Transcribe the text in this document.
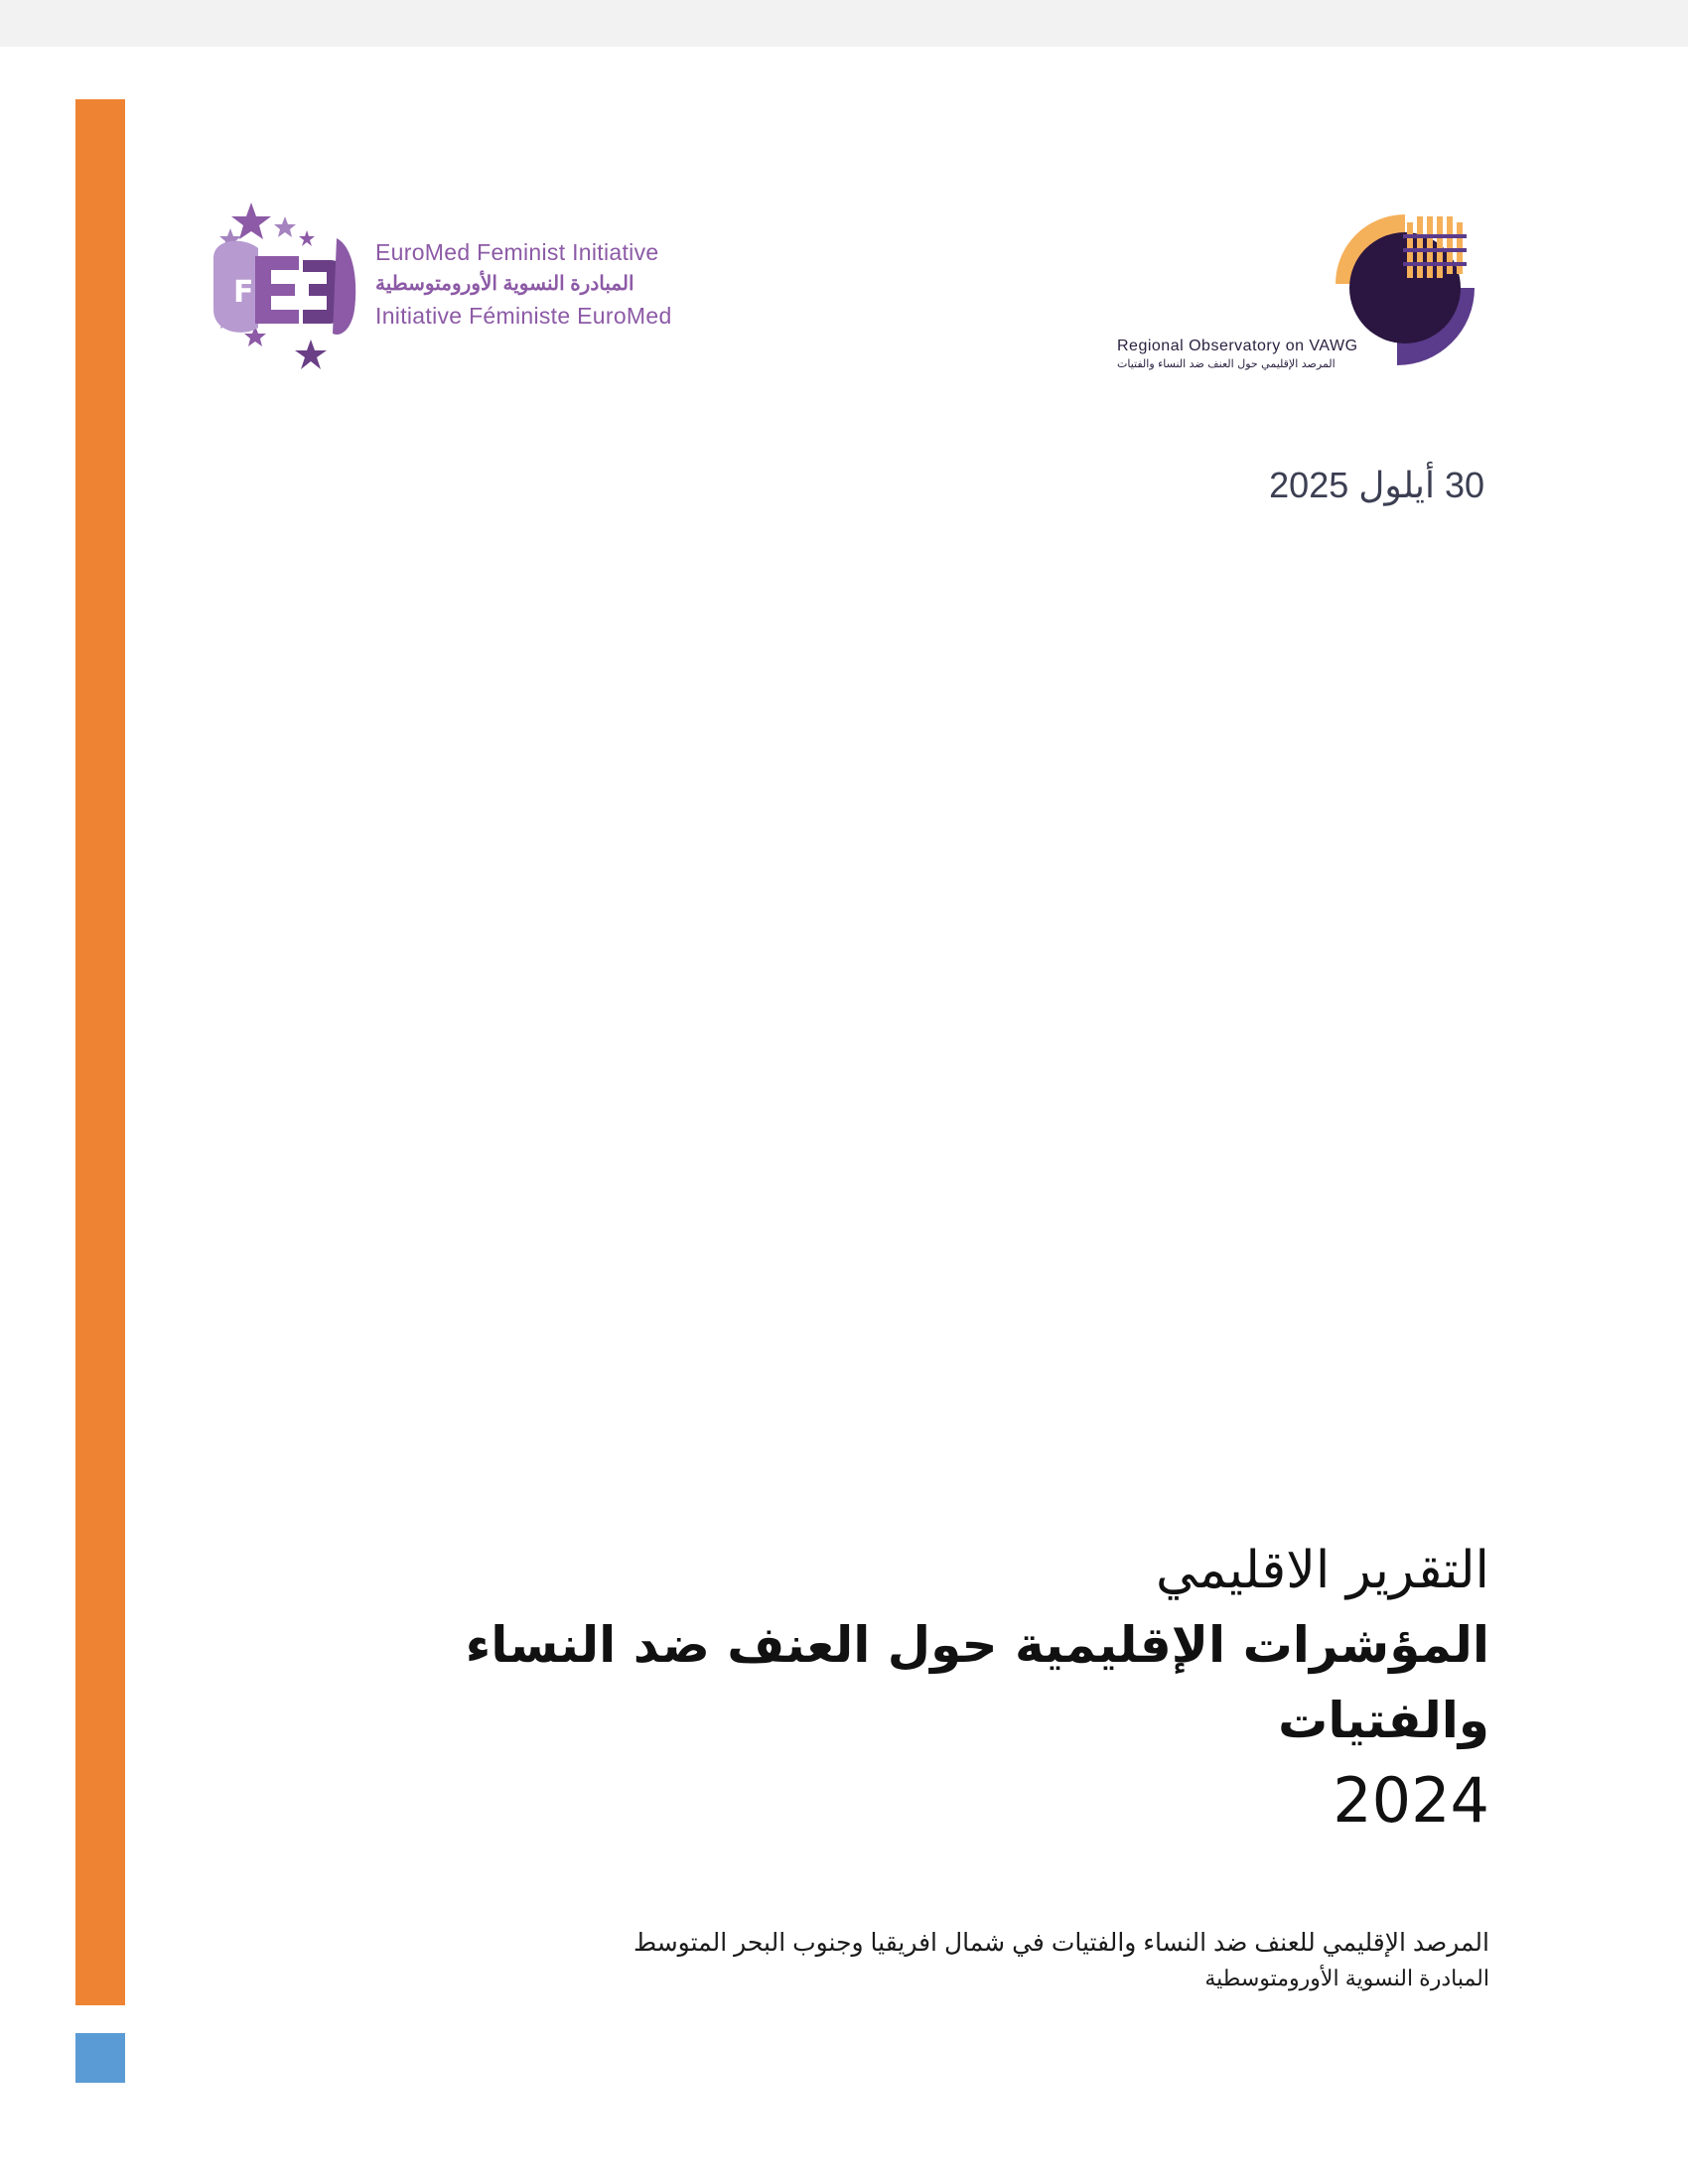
F
EuroMed Feminist Initiative
المبادرة النسوية الأورومتوسطية
Initiative Féministe EuroMed
Regional Observatory on VAWG
المرصد الإقليمي حول العنف ضد النساء والفتيات
30 أيلول 2025
التقرير الاقليمي
المؤشرات الإقليمية حول العنف ضد النساء والفتيات
2024
المرصد الإقليمي للعنف ضد النساء والفتيات في شمال افريقيا وجنوب البحر المتوسط
المبادرة النسوية الأورومتوسطية
